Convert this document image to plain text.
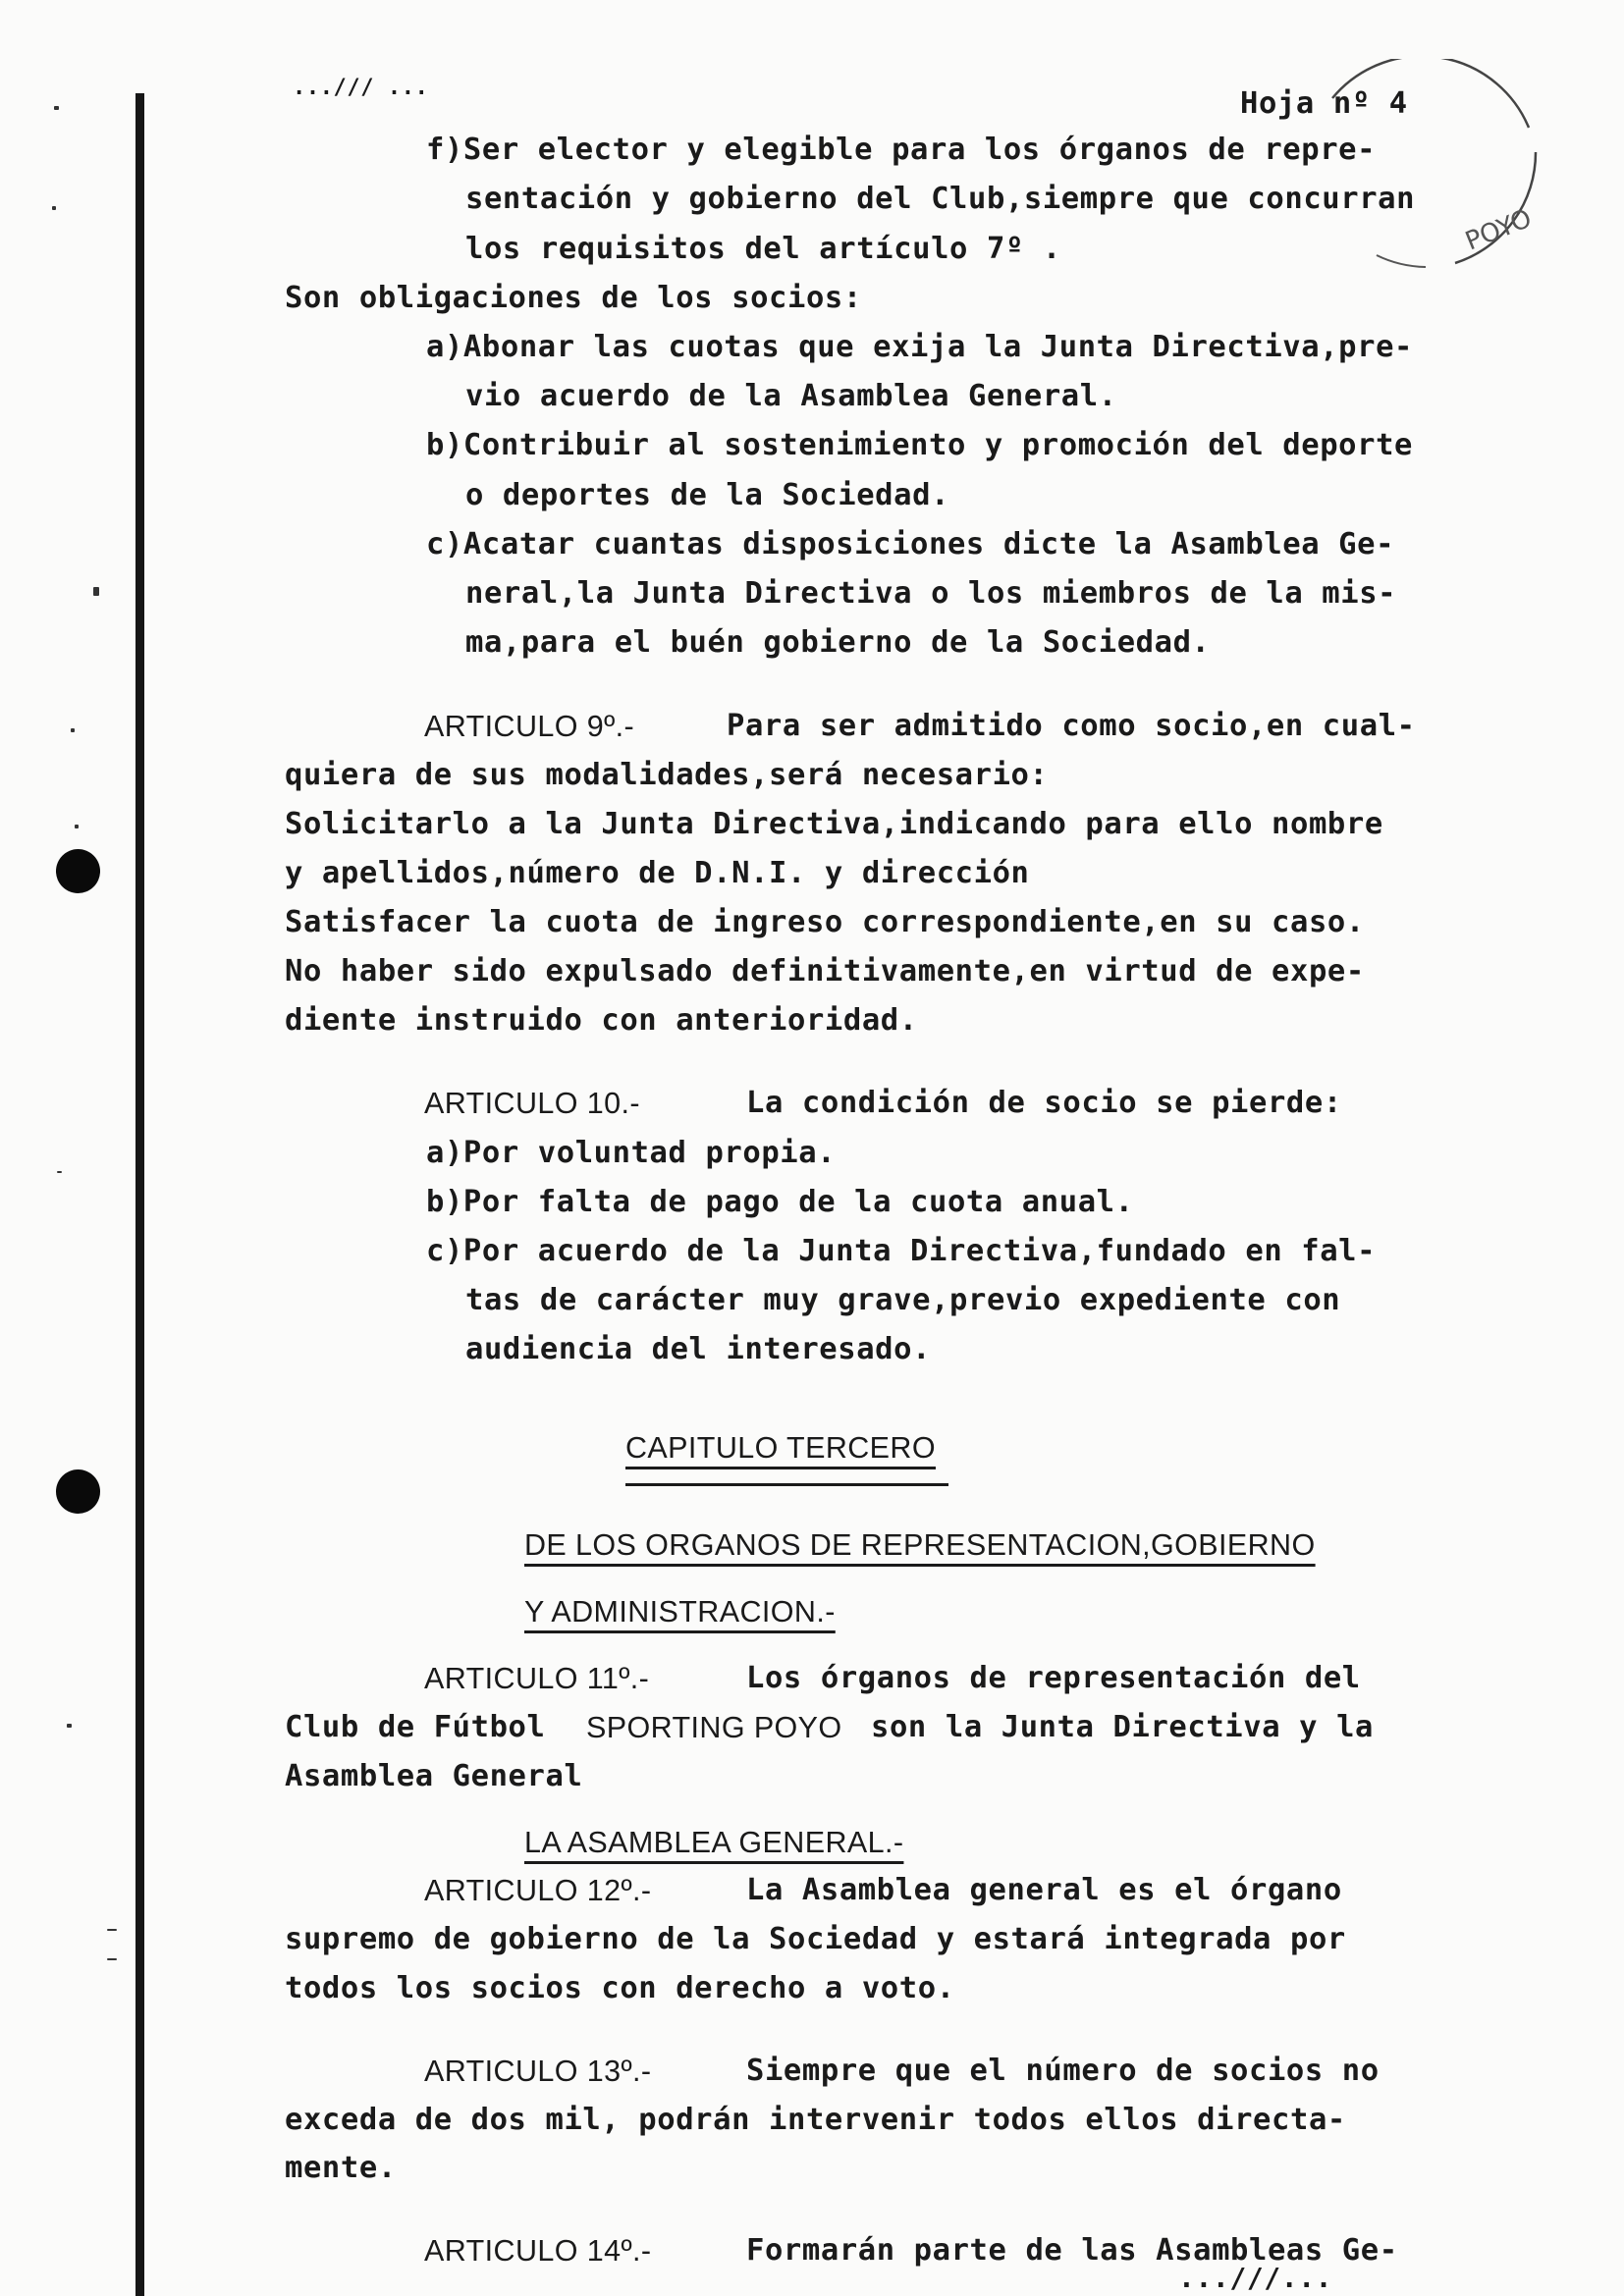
.../// ...	Hoja nº 4
POYO
f)Ser elector y elegible para los órganos de repre-
sentación y gobierno del Club,siempre que concurran
los requisitos del artículo 7º .
Son obligaciones de los socios:
a)Abonar las cuotas que exija la Junta Directiva,pre-
vio acuerdo de la Asamblea General.
b)Contribuir al sostenimiento y promoción del deporte
o deportes de la Sociedad.
c)Acatar cuantas disposiciones dicte la Asamblea Ge-
neral,la Junta Directiva o los miembros de la mis-
ma,para el buén gobierno de la Sociedad.
ARTICULO 9º.-	Para ser admitido como socio,en cual-
quiera de sus modalidades,será necesario:
Solicitarlo a la Junta Directiva,indicando para ello nombre
y apellidos,número de D.N.I. y dirección
Satisfacer la cuota de ingreso correspondiente,en su caso.
No haber sido expulsado definitivamente,en virtud de expe-
diente instruido con anterioridad.
ARTICULO 10.-	La condición de socio se pierde:
a)Por voluntad propia.
b)Por falta de pago de la cuota anual.
c)Por acuerdo de la Junta Directiva,fundado en fal-
tas de carácter muy grave,previo expediente con
audiencia del interesado.
CAPITULO TERCERO
DE LOS ORGANOS DE REPRESENTACION,GOBIERNO
Y ADMINISTRACION.-
ARTICULO 11º.-	Los órganos de representación del
Club de Fútbol SPORTING POYO son la Junta Directiva y la
Asamblea General
LA ASAMBLEA GENERAL.-
ARTICULO 12º.-	La Asamblea general es el órgano
supremo de gobierno de la Sociedad y estará integrada por
todos los socios con derecho a voto.
ARTICULO 13º.-	Siempre que el número de socios no
exceda de dos mil, podrán intervenir todos ellos directa-
mente.
ARTICULO 14º.-	Formarán parte de las Asambleas Ge-
...///...
